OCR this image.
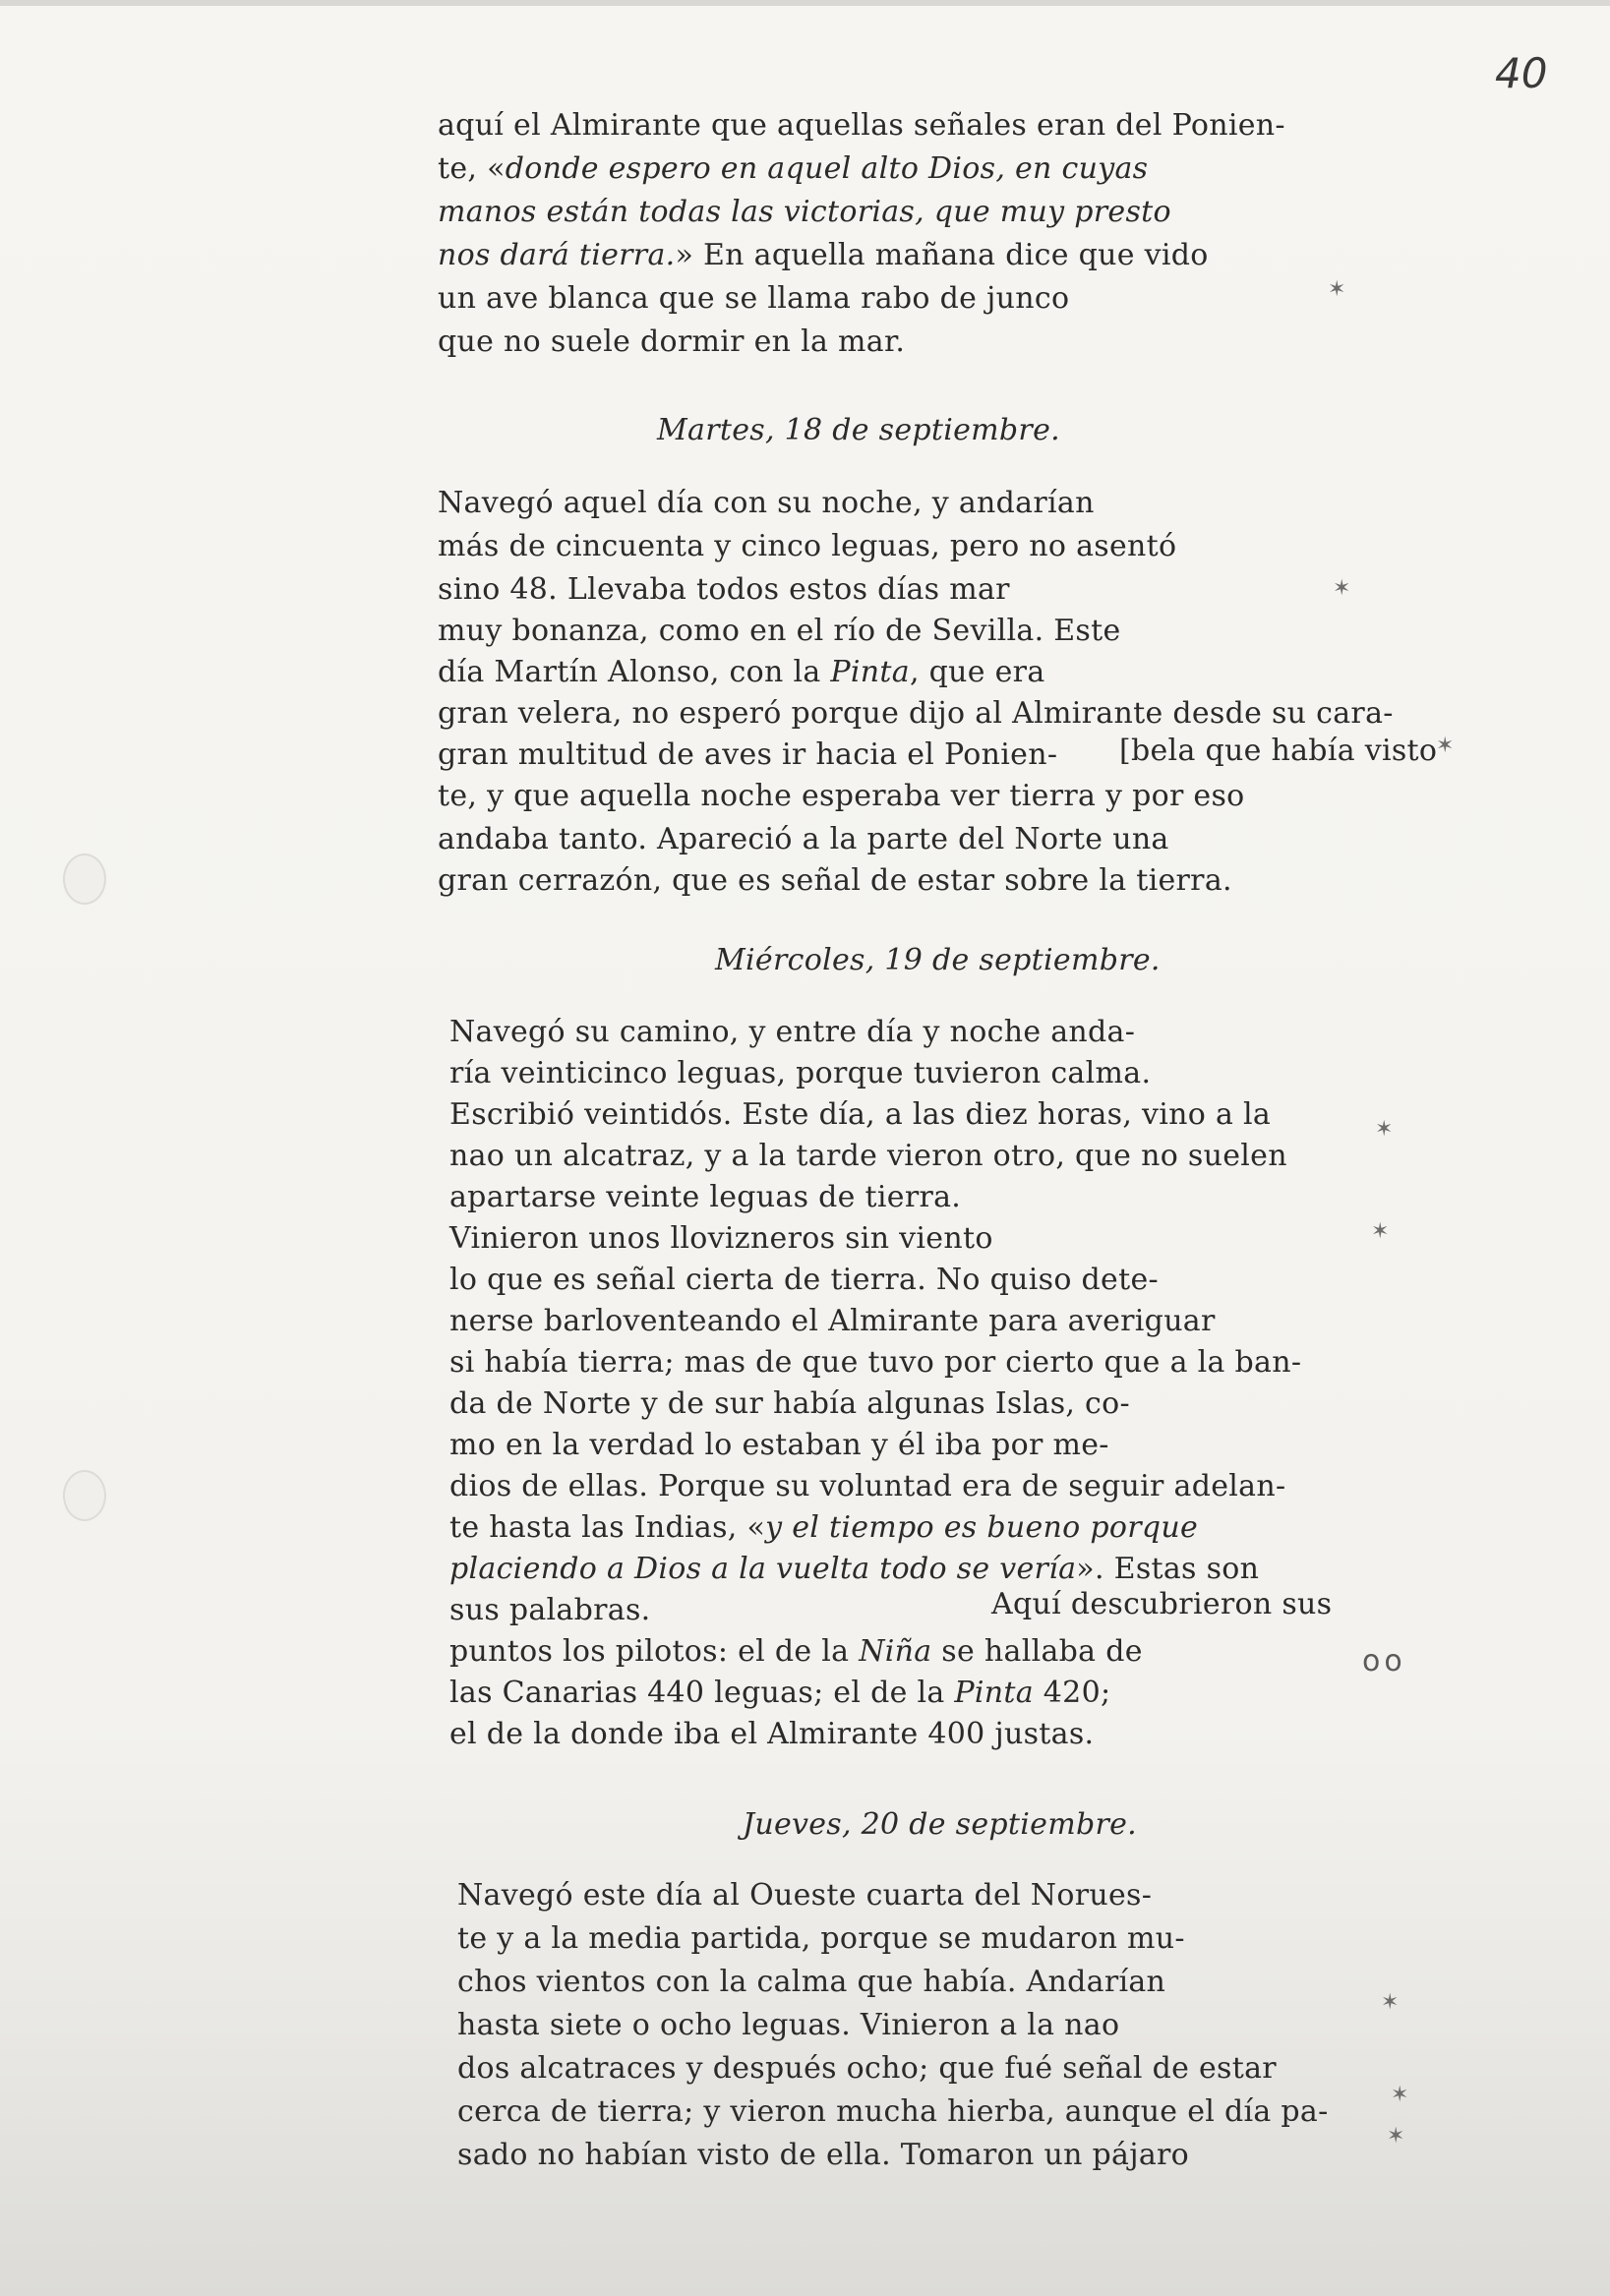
40
aquí el Almirante que aquellas señales eran del Ponien-
te, «donde espero en aquel alto Dios, en cuyas
manos están todas las victorias, que muy presto
nos dará tierra.» En aquella mañana dice que vido
un ave blanca que se llama rabo de junco
que no suele dormir en la mar.
Martes, 18 de septiembre.
Navegó aquel día con su noche, y andarían
más de cincuenta y cinco leguas, pero no asentó
sino 48. Llevaba todos estos días mar
muy bonanza, como en el río de Sevilla. Este
día Martín Alonso, con la Pinta, que era
gran velera, no esperó porque dijo al Almirante desde su cara-
gran multitud de aves ir hacia el Ponien- [bela que había visto
te, y que aquella noche esperaba ver tierra y por eso
andaba tanto. Apareció a la parte del Norte una
gran cerrazón, que es señal de estar sobre la tierra.
Miércoles, 19 de septiembre.
Navegó su camino, y entre día y noche anda-
ría veinticinco leguas, porque tuvieron calma.
Escribió veintidós. Este día, a las diez horas, vino a la
nao un alcatraz, y a la tarde vieron otro, que no suelen
apartarse veinte leguas de tierra.
Vinieron unos llovizneros sin viento
lo que es señal cierta de tierra. No quiso dete-
nerse barloventeando el Almirante para averiguar
si había tierra; mas de que tuvo por cierto que a la ban-
da de Norte y de sur había algunas Islas, co-
mo en la verdad lo estaban y él iba por me-
dios de ellas. Porque su voluntad era de seguir adelan-
te hasta las Indias, «y el tiempo es bueno porque
placiendo a Dios a la vuelta todo se vería». Estas son
sus palabras.	Aquí descubrieron sus
puntos los pilotos: el de la Niña se hallaba de
las Canarias 440 leguas; el de la Pinta 420;
el de la donde iba el Almirante 400 justas.
Jueves, 20 de septiembre.
Navegó este día al Oueste cuarta del Norues-
te y a la media partida, porque se mudaron mu-
chos vientos con la calma que había. Andarían
hasta siete o ocho leguas. Vinieron a la nao
dos alcatraces y después ocho; que fué señal de estar
cerca de tierra; y vieron mucha hierba, aunque el día pa-
sado no habían visto de ella. Tomaron un pájaro
✶
✶
✶
✶
✶
oo
✶
✶
✶
